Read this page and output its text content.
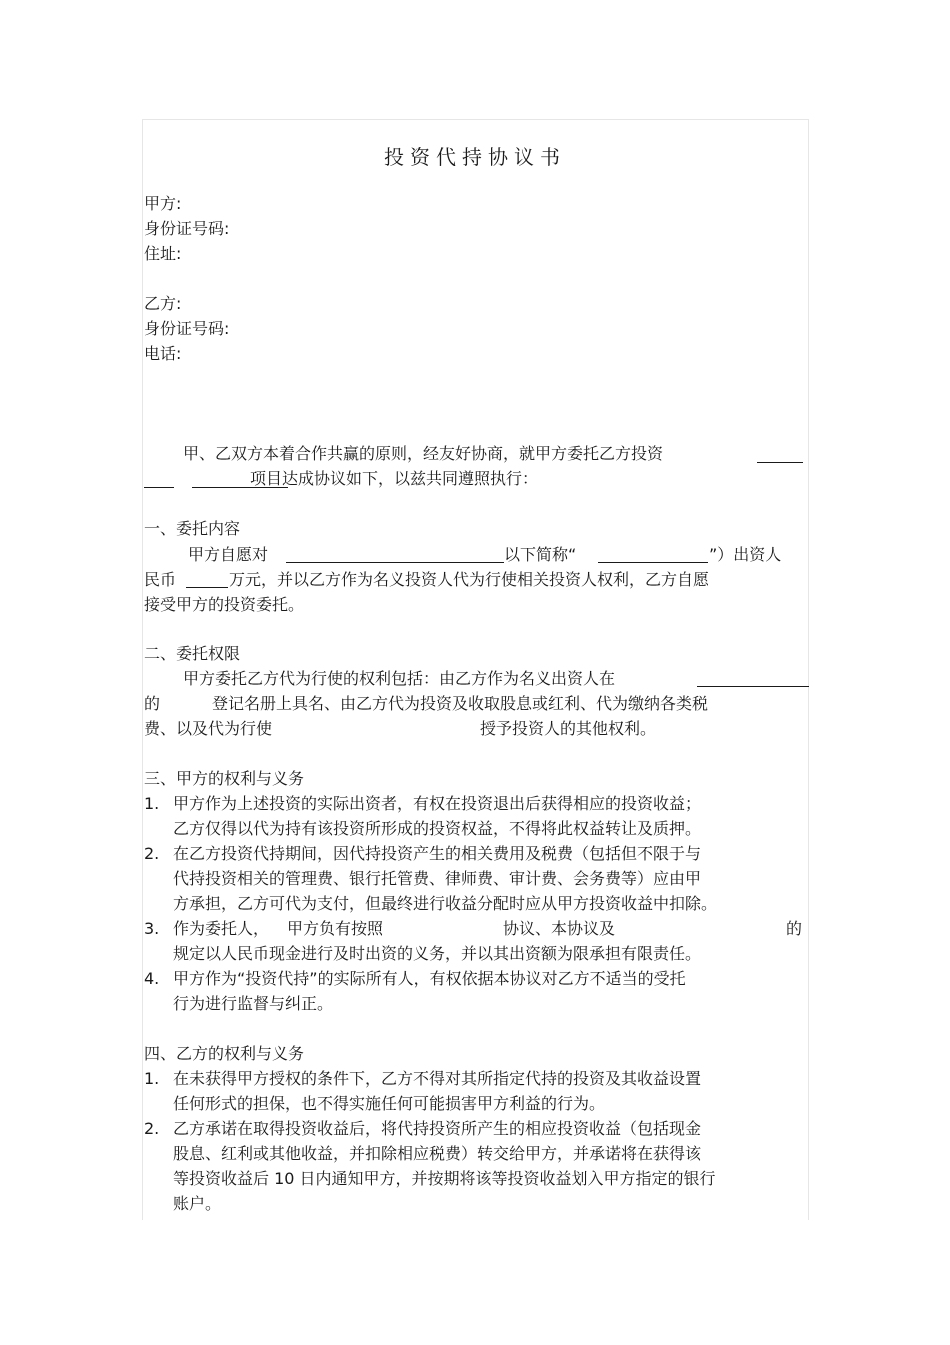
投资代持协议书
甲方:
身份证号码:
住址:
乙方:
身份证号码:
电话:
甲、乙双方本着合作共赢的原则，经友好协商，就甲方委托乙方投资
项目达成协议如下，以兹共同遵照执行：
一、委托内容
甲方自愿对	以下简称“	”）出资人
民币	万元，并以乙方作为名义投资人代为行使相关投资人权利，乙方自愿
接受甲方的投资委托。
二、委托权限
甲方委托乙方代为行使的权利包括：由乙方作为名义出资人在
的	登记名册上具名、由乙方代为投资及收取股息或红利、代为缴纳各类税
费、以及代为行使	授予投资人的其他权利。
三、甲方的权利与义务
1. 甲方作为上述投资的实际出资者，有权在投资退出后获得相应的投资收益；
乙方仅得以代为持有该投资所形成的投资权益，不得将此权益转让及质押。
2. 在乙方投资代持期间，因代持投资产生的相关费用及税费（包括但不限于与
代持投资相关的管理费、银行托管费、律师费、审计费、会务费等）应由甲
方承担，乙方可代为支付，但最终进行收益分配时应从甲方投资收益中扣除。
3. 作为委托人， 甲方负有按照	协议、本协议及	的
规定以人民币现金进行及时出资的义务，并以其出资额为限承担有限责任。
4. 甲方作为“投资代持”的实际所有人，有权依据本协议对乙方不适当的受托
行为进行监督与纠正。
四、乙方的权利与义务
1. 在未获得甲方授权的条件下，乙方不得对其所指定代持的投资及其收益设置
任何形式的担保，也不得实施任何可能损害甲方利益的行为。
2. 乙方承诺在取得投资收益后，将代持投资所产生的相应投资收益（包括现金
股息、红利或其他收益，并扣除相应税费）转交给甲方，并承诺将在获得该
等投资收益后 10 日内通知甲方，并按期将该等投资收益划入甲方指定的银行
账户。
